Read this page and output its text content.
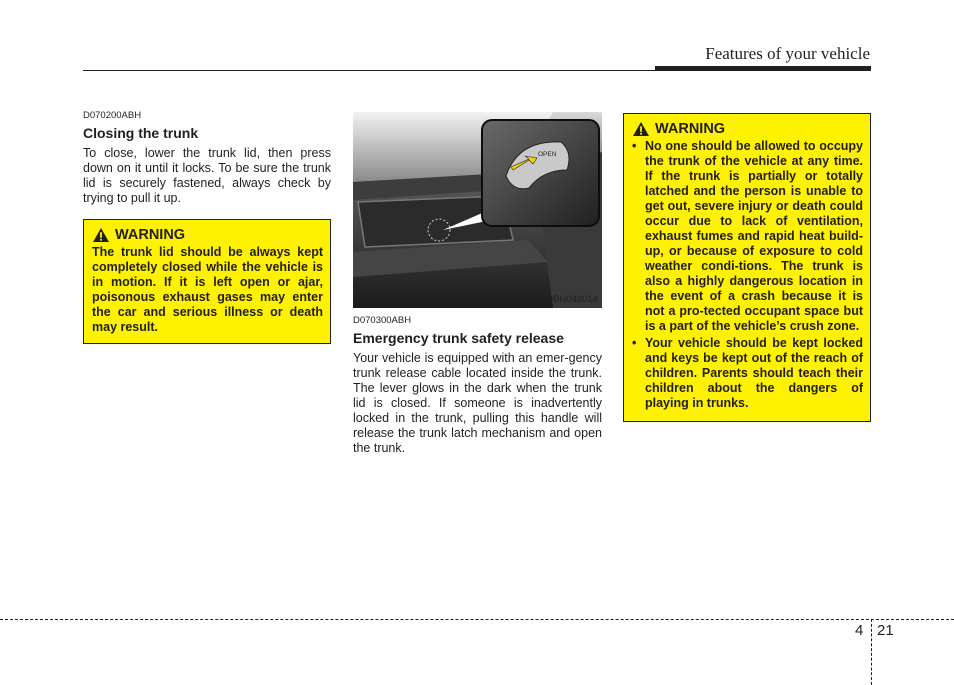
Features of your vehicle

D070200ABH

Closing the trunk

To close, lower the trunk lid, then press down on it until it locks. To be sure the trunk lid is securely fastened, always check by trying to pull it up.

WARNING

The trunk lid should be always kept completely closed while the vehicle is in motion. If it is left open or ajar, poisonous exhaust gases may enter the car and serious illness or death may result.

OPEN
OBH048014

D070300ABH

Emergency trunk safety release

Your vehicle is equipped with an emer-gency trunk release cable located inside the trunk. The lever glows in the dark when the trunk lid is closed. If someone is inadvertently locked in the trunk, pulling this handle will release the trunk latch mechanism and open the trunk.

WARNING
• No one should be allowed to occupy the trunk of the vehicle at any time. If the trunk is partially or totally latched and the person is unable to get out, severe injury or death could occur due to lack of ventilation, exhaust fumes and rapid heat build-up, or because of exposure to cold weather condi-tions. The trunk is also a highly dangerous location in the event of a crash because it is not a pro-tected occupant space but is a part of the vehicle’s crush zone.
• Your vehicle should be kept locked and keys be kept out of the reach of children. Parents should teach their children about the dangers of playing in trunks.
4 21
